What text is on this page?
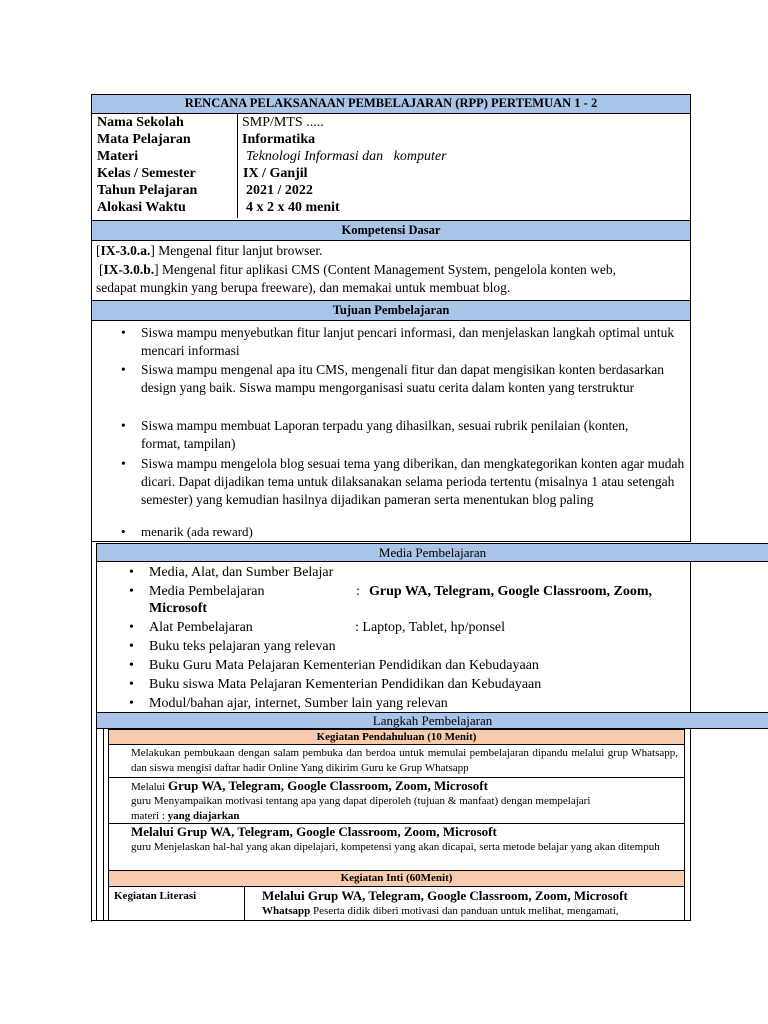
RENCANA PELAKSANAAN PEMBELAJARAN (RPP) PERTEMUAN 1 - 2
Nama Sekolah	SMP/MTS .....
Mata Pelajaran	Informatika
Materi	Teknologi Informasi dan   komputer
Kelas / Semester	IX / Ganjil
Tahun Pelajaran	2021 / 2022
Alokasi Waktu	4 x 2 x 40 menit
Kompetensi Dasar
[IX-3.0.a.] Mengenal fitur lanjut browser.
[IX-3.0.b.] Mengenal fitur aplikasi CMS (Content Management System, pengelola konten web,
sedapat mungkin yang berupa freeware), dan memakai untuk membuat blog.
Tujuan Pembelajaran
• Siswa mampu menyebutkan fitur lanjut pencari informasi, dan menjelaskan langkah optimal untuk mencari informasi
• Siswa mampu mengenal apa itu CMS, mengenali fitur dan dapat mengisikan konten berdasarkan design yang baik. Siswa mampu mengorganisasi suatu cerita dalam konten yang terstruktur
• Siswa mampu membuat Laporan terpadu yang dihasilkan, sesuai rubrik penilaian (konten, format, tampilan)
• Siswa mampu mengelola blog sesuai tema yang diberikan, dan mengkategorikan konten agar mudah dicari. Dapat dijadikan tema untuk dilaksanakan selama perioda tertentu (misalnya 1 atau setengah semester) yang kemudian hasilnya dijadikan pameran serta menentukan blog paling
• menarik (ada reward)
Media Pembelajaran
• Media, Alat, dan Sumber Belajar
• Media Pembelajaran	: Grup WA, Telegram, Google Classroom, Zoom,
Microsoft
• Alat Pembelajaran	: Laptop, Tablet, hp/ponsel
• Buku teks pelajaran yang relevan
• Buku Guru Mata Pelajaran Kementerian Pendidikan dan Kebudayaan
• Buku siswa Mata Pelajaran Kementerian Pendidikan dan Kebudayaan
• Modul/bahan ajar, internet, Sumber lain yang relevan
Langkah Pembelajaran
Kegiatan Pendahuluan (10 Menit)
Melakukan pembukaan dengan salam pembuka dan berdoa untuk memulai pembelajaran dipandu melalui grup Whatsapp, dan siswa mengisi daftar hadir Online Yang dikirim Guru ke Grup Whatsapp
Melalui Grup WA, Telegram, Google Classroom, Zoom, Microsoft
guru Menyampaikan motivasi tentang apa yang dapat diperoleh (tujuan & manfaat) dengan mempelajari
materi : yang diajarkan
Melalui Grup WA, Telegram, Google Classroom, Zoom, Microsoft
guru Menjelaskan hal-hal yang akan dipelajari, kompetensi yang akan dicapai, serta metode belajar yang akan ditempuh
Kegiatan Inti (60Menit)
Kegiatan Literasi	Melalui Grup WA, Telegram, Google Classroom, Zoom, Microsoft
Whatsapp Peserta didik diberi motivasi dan panduan untuk melihat, mengamati,
